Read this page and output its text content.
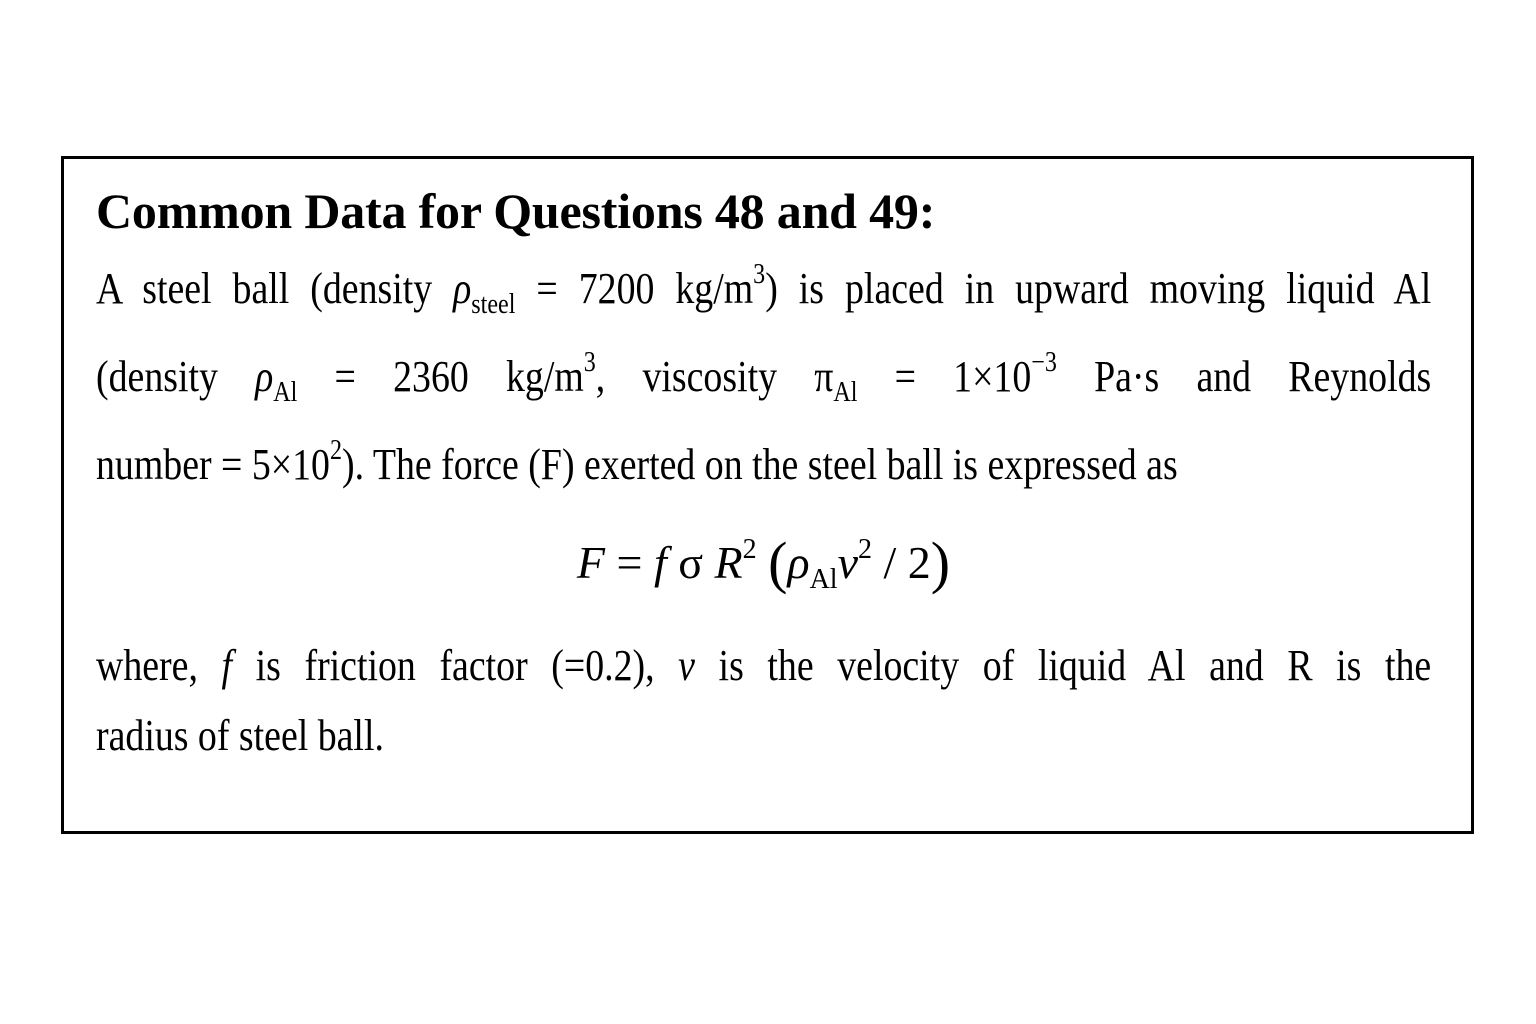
Common Data for Questions 48 and 49:
A steel ball (density $\rho_{steel} = 7200$ $kg/m^3$) is placed in upward moving liquid Al
(density $\rho_{Al} = 2360$ $kg/m^3$, viscosity $\pi_{Al} = 1\times 10^{-3}$ Pa·s and Reynolds
number = $5\times 10^2$). The force (F) exerted on the steel ball is expressed as
F = f σ $R^2$ $(\rho_{Al}v^2 / 2)$
where, f is friction factor (=0.2), v is the velocity of liquid Al and R is the
radius of steel ball.
